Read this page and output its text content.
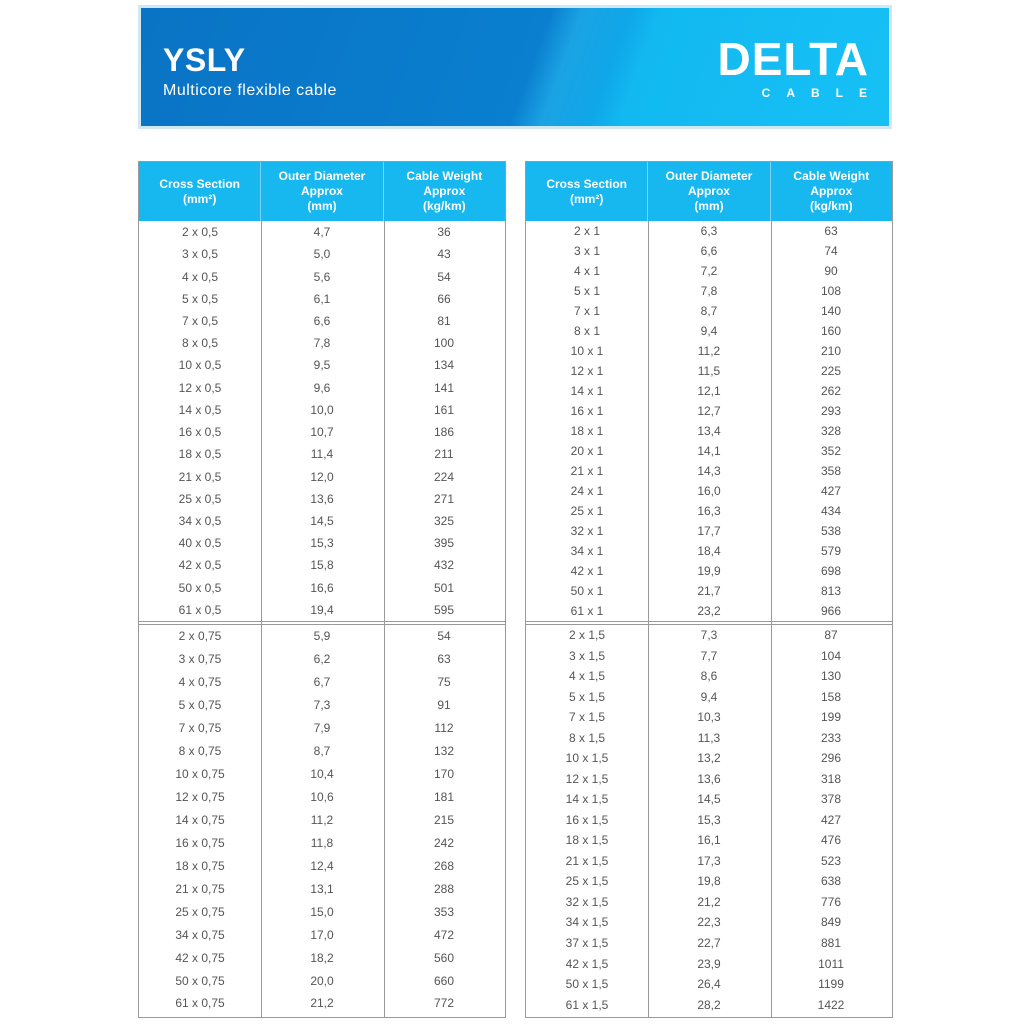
YSLY
Multicore flexible cable
DELTA
CABLE
Cross Section
(mm²)
Outer Diameter
Approx
(mm)
Cable Weight
Approx
(kg/km)
2 x 0,5	4,7	36
3 x 0,5	5,0	43
4 x 0,5	5,6	54
5 x 0,5	6,1	66
7 x 0,5	6,6	81
8 x 0,5	7,8	100
10 x 0,5	9,5	134
12 x 0,5	9,6	141
14 x 0,5	10,0	161
16 x 0,5	10,7	186
18 x 0,5	11,4	211
21 x 0,5	12,0	224
25 x 0,5	13,6	271
34 x 0,5	14,5	325
40 x 0,5	15,3	395
42 x 0,5	15,8	432
50 x 0,5	16,6	501
61 x 0,5	19,4	595
2 x 0,75	5,9	54
3 x 0,75	6,2	63
4 x 0,75	6,7	75
5 x 0,75	7,3	91
7 x 0,75	7,9	112
8 x 0,75	8,7	132
10 x 0,75	10,4	170
12 x 0,75	10,6	181
14 x 0,75	11,2	215
16 x 0,75	11,8	242
18 x 0,75	12,4	268
21 x 0,75	13,1	288
25 x 0,75	15,0	353
34 x 0,75	17,0	472
42 x 0,75	18,2	560
50 x 0,75	20,0	660
61 x 0,75	21,2	772
Cross Section
(mm²)
Outer Diameter
Approx
(mm)
Cable Weight
Approx
(kg/km)
2 x 1	6,3	63
3 x 1	6,6	74
4 x 1	7,2	90
5 x 1	7,8	108
7 x 1	8,7	140
8 x 1	9,4	160
10 x 1	11,2	210
12 x 1	11,5	225
14 x 1	12,1	262
16 x 1	12,7	293
18 x 1	13,4	328
20 x 1	14,1	352
21 x 1	14,3	358
24 x 1	16,0	427
25 x 1	16,3	434
32 x 1	17,7	538
34 x 1	18,4	579
42 x 1	19,9	698
50 x 1	21,7	813
61 x 1	23,2	966
2 x 1,5	7,3	87
3 x 1,5	7,7	104
4 x 1,5	8,6	130
5 x 1,5	9,4	158
7 x 1,5	10,3	199
8 x 1,5	11,3	233
10 x 1,5	13,2	296
12 x 1,5	13,6	318
14 x 1,5	14,5	378
16 x 1,5	15,3	427
18 x 1,5	16,1	476
21 x 1,5	17,3	523
25 x 1,5	19,8	638
32 x 1,5	21,2	776
34 x 1,5	22,3	849
37 x 1,5	22,7	881
42 x 1,5	23,9	1011
50 x 1,5	26,4	1199
61 x 1,5	28,2	1422
